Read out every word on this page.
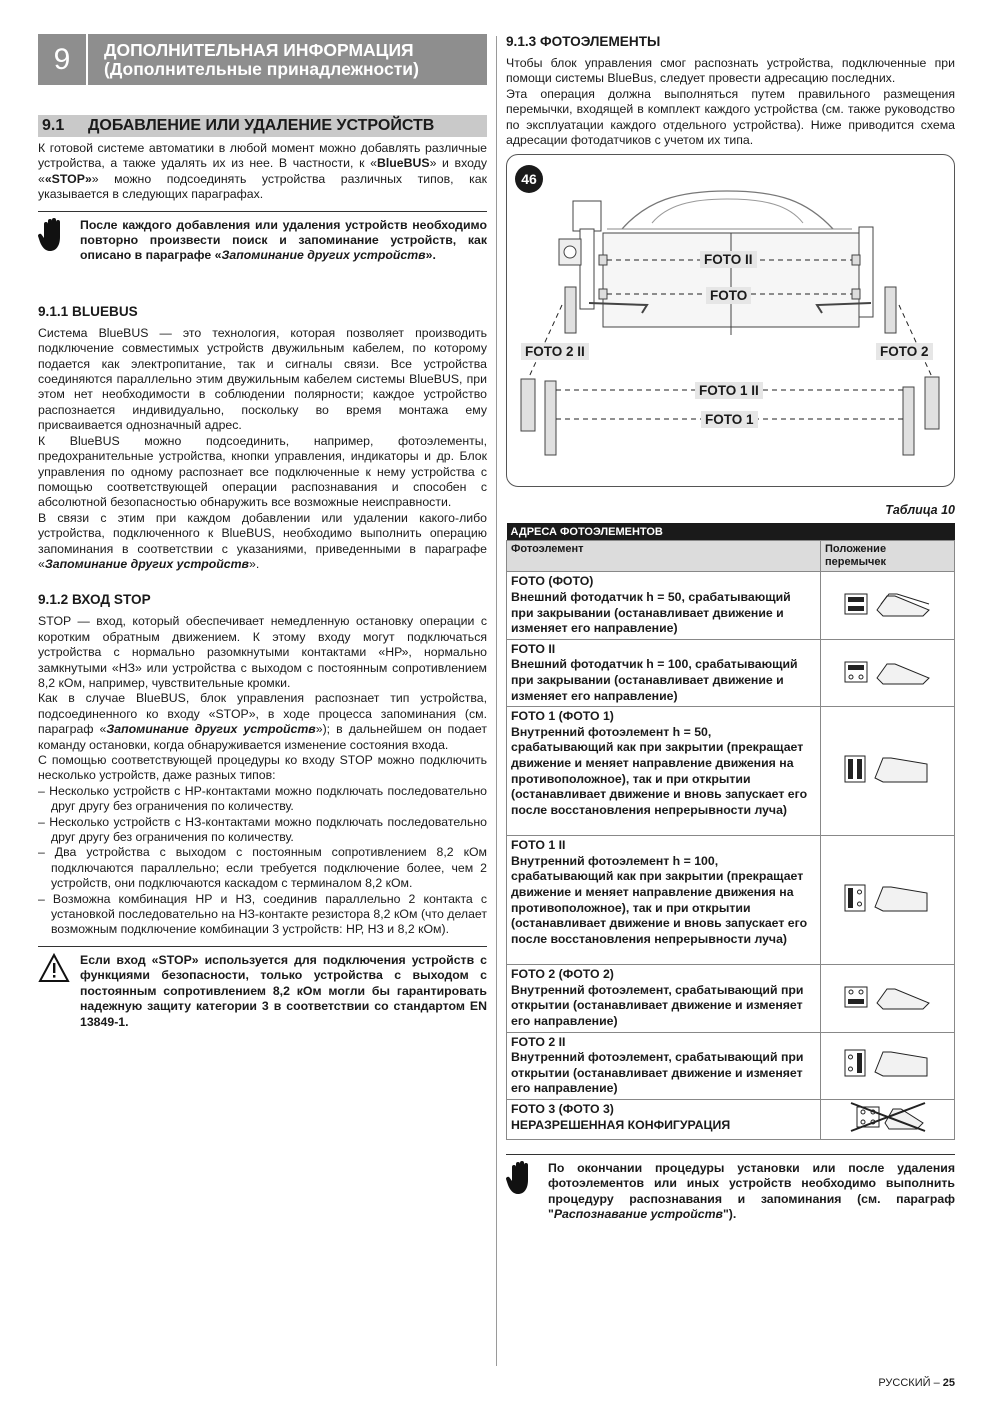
9	ДОПОЛНИТЕЛЬНАЯ ИНФОРМАЦИЯ
(Дополнительные принадлежности)
9.1	ДОБАВЛЕНИЕ ИЛИ УДАЛЕНИЕ УСТРОЙСТВ

К готовой системе автоматики в любой момент можно добавлять различные устройства, а также удалять их из нее. В частности, к «BlueBUS» и входу ««STOP»» можно подсоединять устройства различных типов, как указывается в следующих параграфах.

После каждого добавления или удаления устройств необходимо повторно произвести поиск и запоминание устройств, как описано в параграфе «Запоминание других устройств».
9.1.1 BLUEBUS

Система BlueBUS — это технология, которая позволяет производить подключение совместимых устройств двужильным кабелем, по которому подается как электропитание, так и сигналы связи. Все устройства соединяются параллельно этим двужильным кабелем системы BlueBUS, при этом нет необходимости в соблюдении полярности; каждое устройство распознается индивидуально, поскольку во время монтажа ему присваивается однозначный адрес.

К BlueBUS можно подсоединить, например, фотоэлементы, предохранительные устройства, кнопки управления, индикаторы и др. Блок управления по одному распознает все подключенные к нему устройства с помощью соответствующей операции распознавания и способен с абсолютной безопасностью обнаружить все возможные неисправности.

В связи с этим при каждом добавлении или удалении какого-либо устройства, подключенного к BlueBUS, необходимо выполнить операцию запоминания в соответствии с указаниями, приведенными в параграфе «Запоминание других устройств».

9.1.2 ВХОД STOP

STOP — вход, который обеспечивает немедленную остановку операции с коротким обратным движением. К этому входу могут подключаться устройства с нормально разомкнутыми контактами «НР», нормально замкнутыми «НЗ» или устройства с выходом с постоянным сопротивлением 8,2 кОм, например, чувствительные кромки.

Как в случае BlueBUS, блок управления распознает тип устройства, подсоединенного ко входу «STOP», в ходе процесса запоминания (см. параграф «Запоминание других устройств»); в дальнейшем он подает команду остановки, когда обнаруживается изменение состояния входа.

С помощью соответствующей процедуры ко входу STOP можно подключить несколько устройств, даже разных типов:

– Несколько устройств с НР-контактами можно подключать последовательно друг другу без ограничения по количеству.
– Несколько устройств с НЗ-контактами можно подключать последовательно друг другу без ограничения по количеству.
– Два устройства с выходом с постоянным сопротивлением 8,2 кОм подключаются параллельно; если требуется подключение более, чем 2 устройств, они подключаются каскадом с терминалом 8,2 кОм.
– Возможна комбинация НР и НЗ, соединив параллельно 2 контакта с установкой последовательно на НЗ-контакте резистора 8,2 кОм (что делает возможным подключение комбинации 3 устройств: НР, НЗ и 8,2 кОм).
Если вход «STOP» используется для подключения устройств с функциями безопасности, только устройства с выходом с постоянным сопротивлением 8,2 кОм могли бы гарантировать надежную защиту категории 3 в соответствии со стандартом EN 13849-1.
9.1.3 ФОТОЭЛЕМЕНТЫ

Чтобы блок управления смог распознать устройства, подключенные при помощи системы BlueBus, следует провести адресацию последних.

Эта операция должна выполняться путем правильного размещения перемычки, входящей в комплект каждого устройства (см. также руководство по эксплуатации каждого отдельного устройства). Ниже приводится схема адресации фотодатчиков с учетом их типа.

46
FOTO II
FOTO
FOTO 2 II	FOTO 2
FOTO 1 II
FOTO 1
Таблица 10
АДРЕСА ФОТОЭЛЕМЕНТОВ	
Фотоэлемент	Положение перемычек

FOTO (ФОТО)
Внешний фотодатчик h = 50, срабатывающий при закрывании (останавливает движение и изменяет его направление)

FOTO II
Внешний фотодатчик h = 100, срабатывающий при закрывании (останавливает движение и изменяет его направление)

FOTO 1 (ФОТО 1)
Внутренний фотоэлемент h = 50, срабатывающий как при закрытии (прекращает движение и меняет направление движения на противоположное), так и при открытии (останавливает движение и вновь запускает его после восстановления непрерывности луча)

FOTO 1 II
Внутренний фотоэлемент h = 100, срабатывающий как при закрытии (прекращает движение и меняет направление движения на противоположное), так и при открытии (останавливает движение и вновь запускает его после восстановления непрерывности луча)

FOTO 2 (ФОТО 2)
Внутренний фотоэлемент, срабатывающий при открытии (останавливает движение и изменяет его направление)

FOTO 2 II
Внутренний фотоэлемент, срабатывающий при открытии (останавливает движение и изменяет его направление)

FOTO 3 (ФОТО 3)
НЕРАЗРЕШЕННАЯ КОНФИГУРАЦИЯ

По окончании процедуры установки или после удаления фотоэлементов или иных устройств необходимо выполнить процедуру распознавания и запоминания (см. параграф "Распознавание устройств").
РУССКИЙ – 25
